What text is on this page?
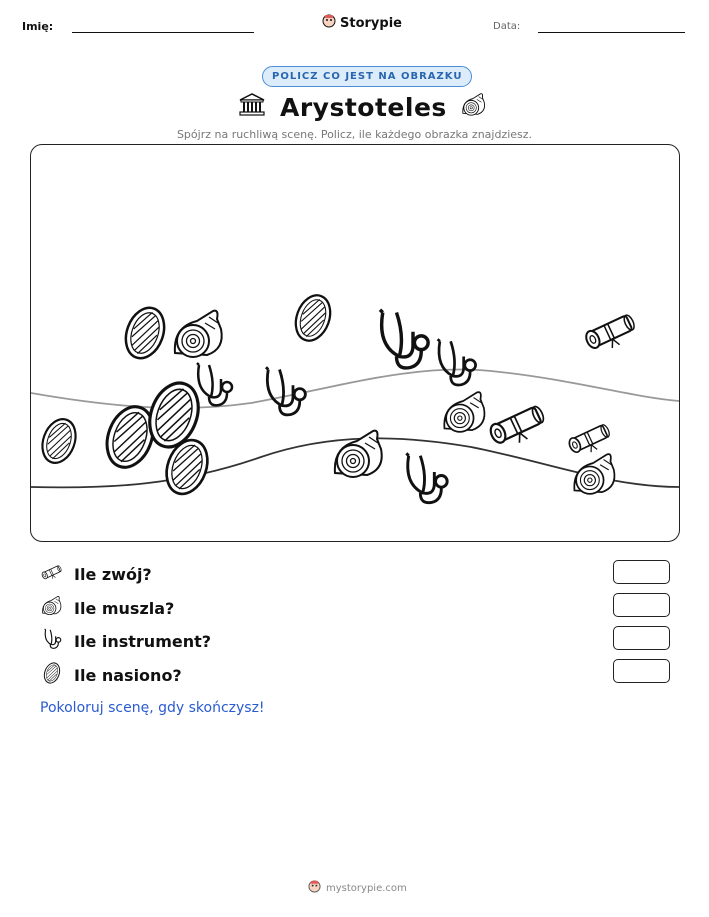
Imię:	Storypie	Data:
POLICZ CO JEST NA OBRAZKU
Arystoteles
Spójrz na ruchliwą scenę. Policz, ile każdego obrazka znajdziesz.
Ile zwój?
Ile muszla?
Ile instrument?
Ile nasiono?
Pokoloruj scenę, gdy skończysz!
mystorypie.com
